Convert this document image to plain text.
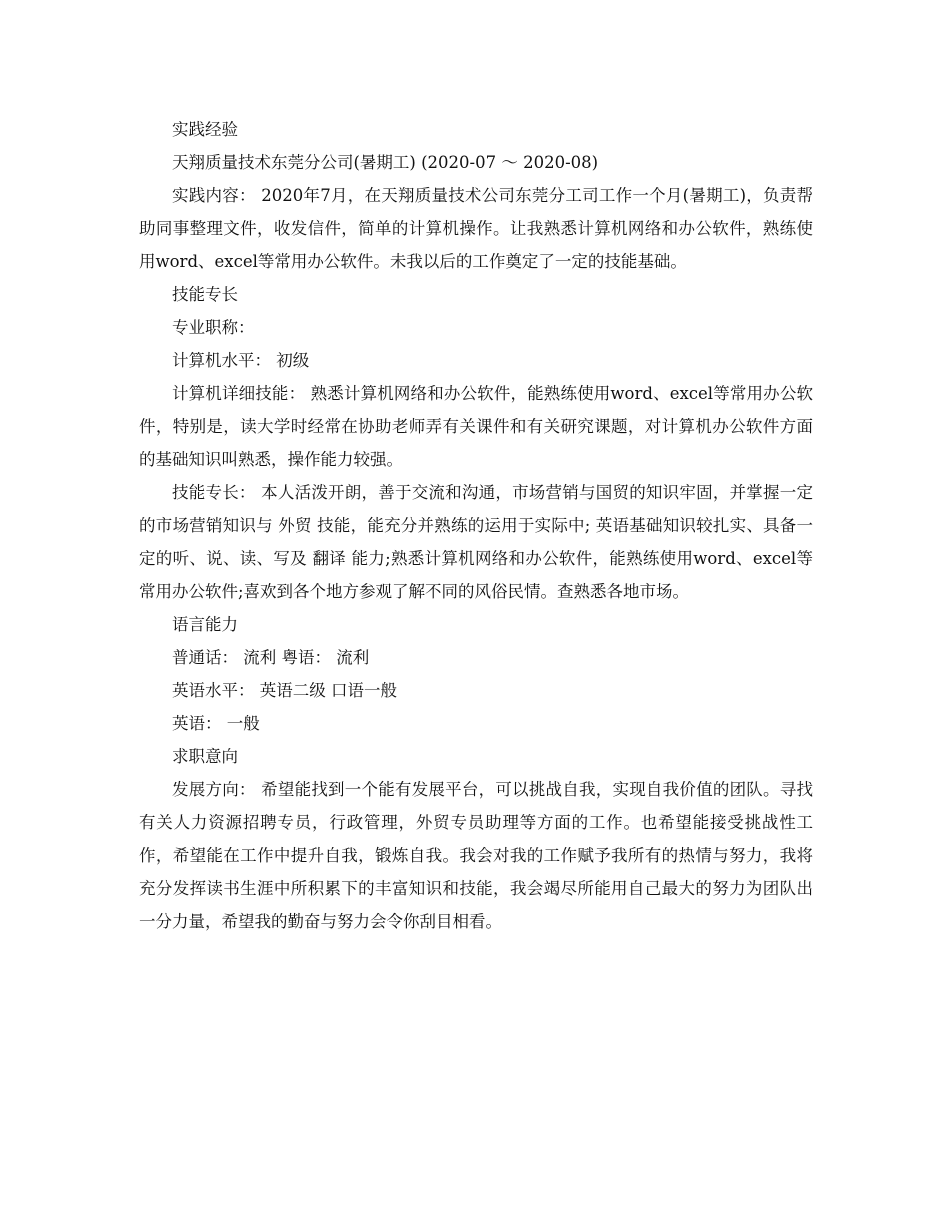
实践经验

天翔质量技术东莞分公司(暑期工) (2020-07 ～ 2020-08)

实践内容： 2020年7月，在天翔质量技术公司东莞分工司工作一个月(暑期工)，负责帮助同事整理文件，收发信件，简单的计算机操作。让我熟悉计算机网络和办公软件，熟练使用word、excel等常用办公软件。未我以后的工作奠定了一定的技能基础。

技能专长

专业职称：

计算机水平： 初级

计算机详细技能： 熟悉计算机网络和办公软件，能熟练使用word、excel等常用办公软件，特别是，读大学时经常在协助老师弄有关课件和有关研究课题，对计算机办公软件方面的基础知识叫熟悉，操作能力较强。

技能专长： 本人活泼开朗，善于交流和沟通，市场营销与国贸的知识牢固，并掌握一定的市场营销知识与 外贸 技能，能充分并熟练的运用于实际中; 英语基础知识较扎实、具备一定的听、说、读、写及 翻译 能力;熟悉计算机网络和办公软件，能熟练使用word、excel等常用办公软件;喜欢到各个地方参观了解不同的风俗民情。查熟悉各地市场。

语言能力

普通话： 流利 粤语： 流利

英语水平： 英语二级 口语一般

英语： 一般

求职意向

发展方向： 希望能找到一个能有发展平台，可以挑战自我，实现自我价值的团队。寻找有关人力资源招聘专员，行政管理，外贸专员助理等方面的工作。也希望能接受挑战性工作，希望能在工作中提升自我，锻炼自我。我会对我的工作赋予我所有的热情与努力，我将充分发挥读书生涯中所积累下的丰富知识和技能，我会竭尽所能用自己最大的努力为团队出一分力量，希望我的勤奋与努力会令你刮目相看。
